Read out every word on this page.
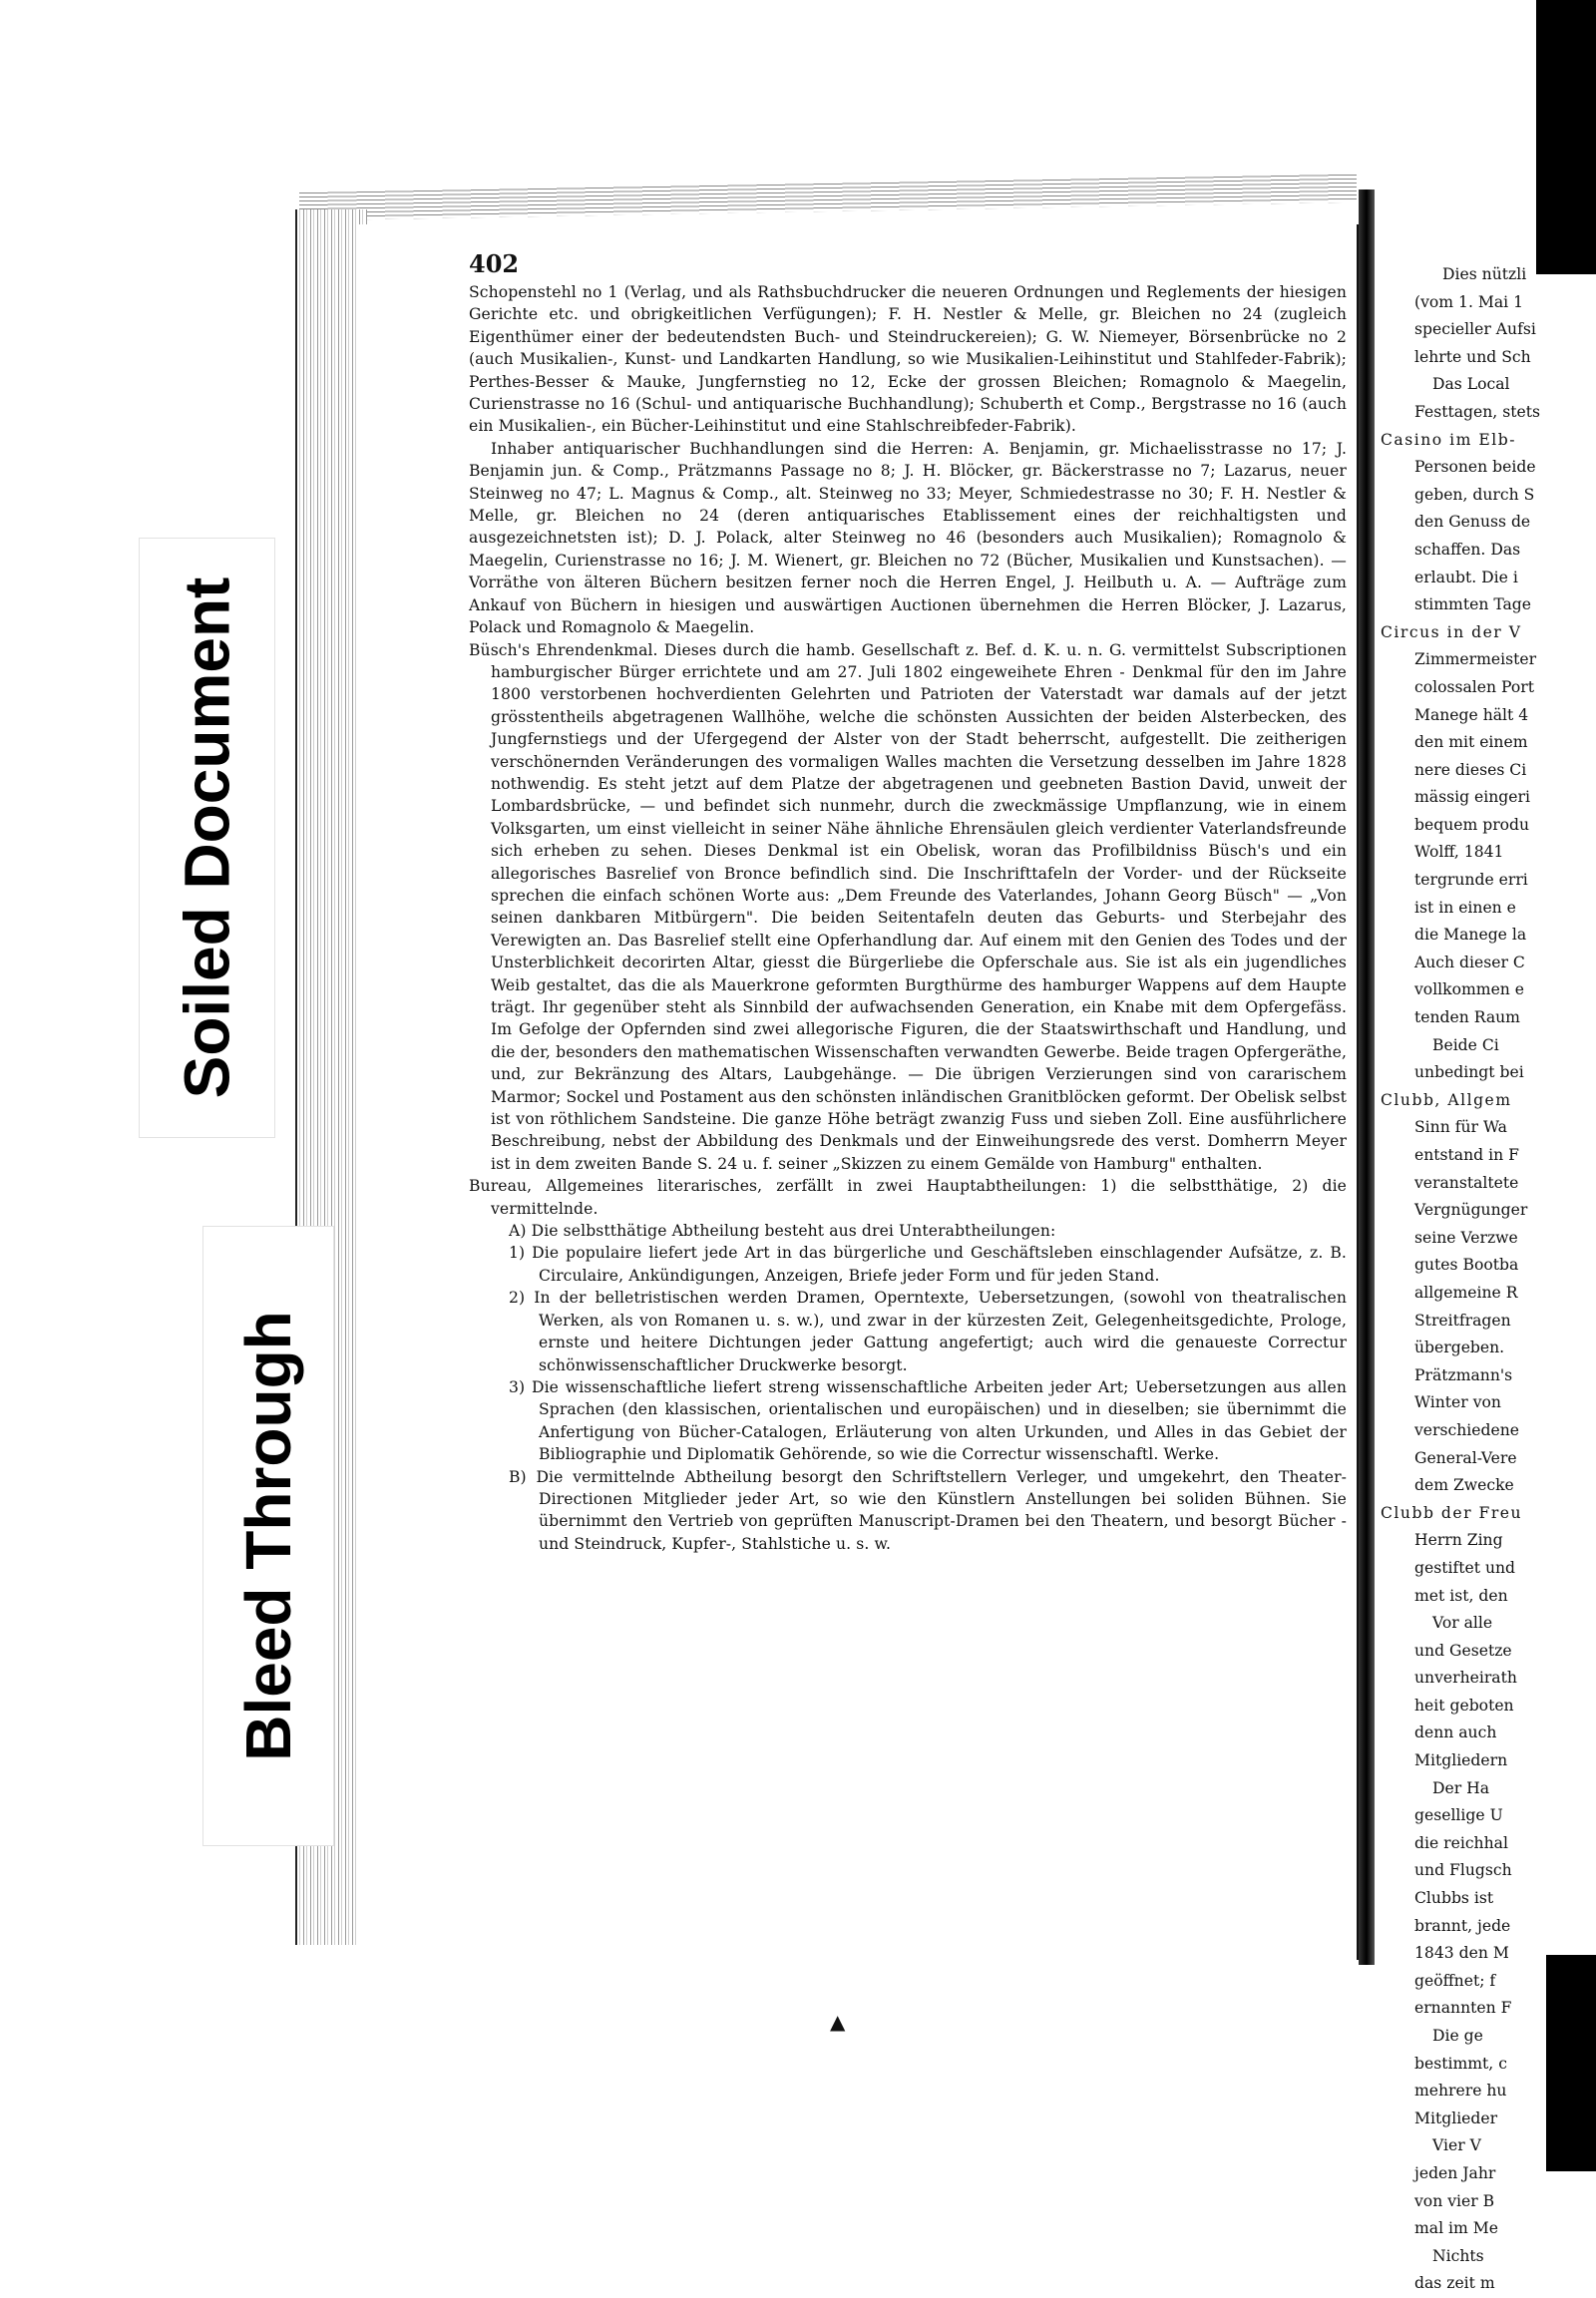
Soiled Document
Bleed Through
402

Schopenstehl no 1 (Verlag, und als Rathsbuchdrucker die neueren Ordnungen und Reglements der hiesigen Gerichte etc. und obrigkeitlichen Verfügungen); F. H. Nestler & Melle, gr. Bleichen no 24 (zugleich Eigenthümer einer der bedeutendsten Buch- und Steindruckereien); G. W. Niemeyer, Börsenbrücke no 2 (auch Musikalien-, Kunst- und Landkarten Handlung, so wie Musikalien-Leihinstitut und Stahlfeder-Fabrik); Perthes-Besser & Mauke, Jungfernstieg no 12, Ecke der grossen Bleichen; Romagnolo & Maegelin, Curienstrasse no 16 (Schul- und antiquarische Buchhandlung); Schuberth et Comp., Bergstrasse no 16 (auch ein Musikalien-, ein Bücher-Leihinstitut und eine Stahlschreibfeder-Fabrik).

Inhaber antiquarischer Buchhandlungen sind die Herren: A. Benjamin, gr. Michaelisstrasse no 17; J. Benjamin jun. & Comp., Prätzmanns Passage no 8; J. H. Blöcker, gr. Bäckerstrasse no 7; Lazarus, neuer Steinweg no 47; L. Magnus & Comp., alt. Steinweg no 33; Meyer, Schmiedestrasse no 30; F. H. Nestler & Melle, gr. Bleichen no 24 (deren antiquarisches Etablissement eines der reichhaltigsten und ausgezeichnetsten ist); D. J. Polack, alter Steinweg no 46 (besonders auch Musikalien); Romagnolo & Maegelin, Curienstrasse no 16; J. M. Wienert, gr. Bleichen no 72 (Bücher, Musikalien und Kunstsachen). — Vorräthe von älteren Büchern besitzen ferner noch die Herren Engel, J. Heilbuth u. A. — Aufträge zum Ankauf von Büchern in hiesigen und auswärtigen Auctionen übernehmen die Herren Blöcker, J. Lazarus, Polack und Romagnolo & Maegelin.

Büsch's Ehrendenkmal. Dieses durch die hamb. Gesellschaft z. Bef. d. K. u. n. G. vermittelst Subscriptionen hamburgischer Bürger errichtete und am 27. Juli 1802 eingeweihete Ehren - Denkmal für den im Jahre 1800 verstorbenen hochverdienten Gelehrten und Patrioten der Vaterstadt war damals auf der jetzt grösstentheils abgetragenen Wallhöhe, welche die schönsten Aussichten der beiden Alsterbecken, des Jungfernstiegs und der Ufergegend der Alster von der Stadt beherrscht, aufgestellt. Die zeitherigen verschönernden Veränderungen des vormaligen Walles machten die Versetzung desselben im Jahre 1828 nothwendig. Es steht jetzt auf dem Platze der abgetragenen und geebneten Bastion David, unweit der Lombardsbrücke, — und befindet sich nunmehr, durch die zweckmässige Umpflanzung, wie in einem Volksgarten, um einst vielleicht in seiner Nähe ähnliche Ehrensäulen gleich verdienter Vaterlandsfreunde sich erheben zu sehen. Dieses Denkmal ist ein Obelisk, woran das Profilbildniss Büsch's und ein allegorisches Basrelief von Bronce befindlich sind. Die Inschrifttafeln der Vorder- und der Rückseite sprechen die einfach schönen Worte aus: „Dem Freunde des Vaterlandes, Johann Georg Büsch" — „Von seinen dankbaren Mitbürgern". Die beiden Seitentafeln deuten das Geburts- und Sterbejahr des Verewigten an. Das Basrelief stellt eine Opferhandlung dar. Auf einem mit den Genien des Todes und der Unsterblichkeit decorirten Altar, giesst die Bürgerliebe die Opferschale aus. Sie ist als ein jugendliches Weib gestaltet, das die als Mauerkrone geformten Burgthürme des hamburger Wappens auf dem Haupte trägt. Ihr gegenüber steht als Sinnbild der aufwachsenden Generation, ein Knabe mit dem Opfergefäss. Im Gefolge der Opfernden sind zwei allegorische Figuren, die der Staatswirthschaft und Handlung, und die der, besonders den mathematischen Wissenschaften verwandten Gewerbe. Beide tragen Opfergeräthe, und, zur Bekränzung des Altars, Laubgehänge. — Die übrigen Verzierungen sind von cararischem Marmor; Sockel und Postament aus den schönsten inländischen Granitblöcken geformt. Der Obelisk selbst ist von röthlichem Sandsteine. Die ganze Höhe beträgt zwanzig Fuss und sieben Zoll. Eine ausführlichere Beschreibung, nebst der Abbildung des Denkmals und der Einweihungsrede des verst. Domherrn Meyer ist in dem zweiten Bande S. 24 u. f. seiner „Skizzen zu einem Gemälde von Hamburg" enthalten.

Bureau, Allgemeines literarisches, zerfällt in zwei Hauptabtheilungen: 1) die selbstthätige, 2) die vermittelnde.

A) Die selbstthätige Abtheilung besteht aus drei Unterabtheilungen:

1) Die populaire liefert jede Art in das bürgerliche und Geschäftsleben einschlagender Aufsätze, z. B. Circulaire, Ankündigungen, Anzeigen, Briefe jeder Form und für jeden Stand.

2) In der belletristischen werden Dramen, Operntexte, Uebersetzungen, (sowohl von theatralischen Werken, als von Romanen u. s. w.), und zwar in der kürzesten Zeit, Gelegenheitsgedichte, Prologe, ernste und heitere Dichtungen jeder Gattung angefertigt; auch wird die genaueste Correctur schönwissenschaftlicher Druckwerke besorgt.

3) Die wissenschaftliche liefert streng wissenschaftliche Arbeiten jeder Art; Uebersetzungen aus allen Sprachen (den klassischen, orientalischen und europäischen) und in dieselben; sie übernimmt die Anfertigung von Bücher-Catalogen, Erläuterung von alten Urkunden, und Alles in das Gebiet der Bibliographie und Diplomatik Gehörende, so wie die Correctur wissenschaftl. Werke.

B) Die vermittelnde Abtheilung besorgt den Schriftstellern Verleger, und umgekehrt, den Theater-Directionen Mitglieder jeder Art, so wie den Künstlern Anstellungen bei soliden Bühnen. Sie übernimmt den Vertrieb von geprüften Manuscript-Dramen bei den Theatern, und besorgt Bücher - und Steindruck, Kupfer-, Stahlstiche u. s. w.

Dies nützli
(vom 1. Mai 1
specieller Aufsi
lehrte und Sch
Das Local
Festtagen, stets
Casino im Elb-
Personen beide
geben, durch S
den Genuss de
schaffen. Das
erlaubt. Die i
stimmten Tage
Circus in der V
Zimmermeister
colossalen Port
Manege hält 4
den mit einem
nere dieses Ci
mässig eingeri
bequem produ
Wolff, 1841
tergrunde erri
ist in einen e
die Manege la
Auch dieser C
vollkommen e
tenden Raum
Beide Ci
unbedingt bei
Clubb, Allgem
Sinn für Wa
entstand in F
veranstaltete
Vergnügunger
seine Verzwe
gutes Bootba
allgemeine R
Streitfragen
übergeben.
Prätzmann's
Winter von
verschiedene
General-Vere
dem Zwecke
Clubb der Freu
Herrn Zing
gestiftet und
met ist, den
Vor alle
und Gesetze
unverheirath
heit geboten
denn auch
Mitgliedern
Der Ha
gesellige U
die reichhal
und Flugsch
Clubbs ist
brannt, jede
1843 den M
geöffnet; f
ernannten F
Die ge
bestimmt, c
mehrere hu
Mitglieder
Vier V
jeden Jahr
von vier B
mal im Me
Nichts
das zeit m
▲
